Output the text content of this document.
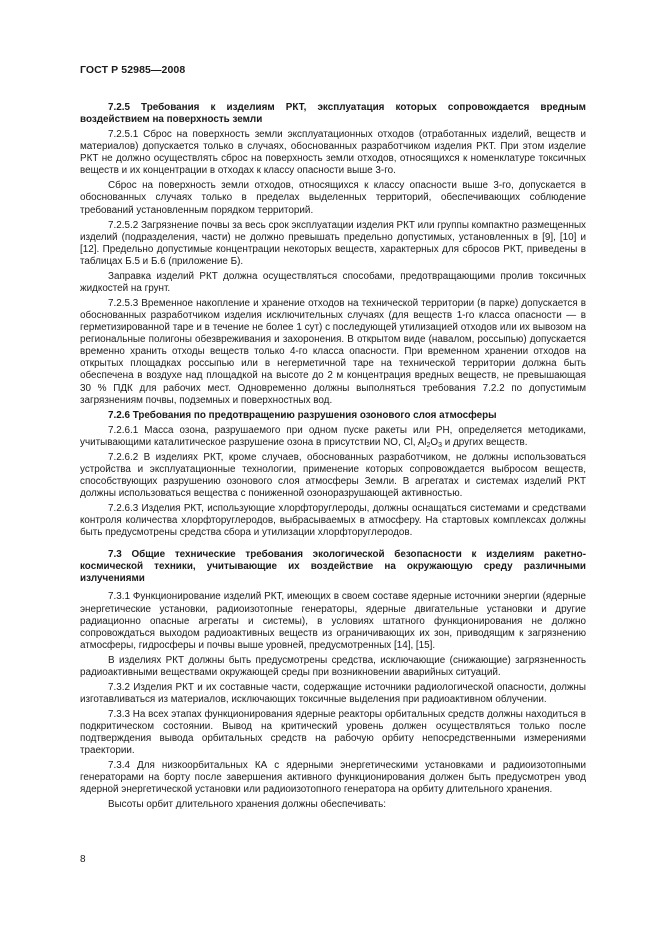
ГОСТ Р 52985—2008

7.2.5 Требования к изделиям РКТ, эксплуатация которых сопровождается вредным воздействием на поверхность земли

7.2.5.1 Сброс на поверхность земли эксплуатационных отходов (отработанных изделий, веществ и материалов) допускается только в случаях, обоснованных разработчиком изделия РКТ. При этом изделие РКТ не должно осуществлять сброс на поверхность земли отходов, относящихся к номенклатуре токсичных веществ и их концентрации в отходах к классу опасности выше 3-го.

Сброс на поверхность земли отходов, относящихся к классу опасности выше 3-го, допускается в обоснованных случаях только в пределах выделенных территорий, обеспечивающих соблюдение требований установленным порядком территорий.

7.2.5.2 Загрязнение почвы за весь срок эксплуатации изделия РКТ или группы компактно размещенных изделий (подразделения, части) не должно превышать предельно допустимых, установленных в [9], [10] и [12]. Предельно допустимые концентрации некоторых веществ, характерных для сбросов РКТ, приведены в таблицах Б.5 и Б.6 (приложение Б).

Заправка изделий РКТ должна осуществляться способами, предотвращающими пролив токсичных жидкостей на грунт.

7.2.5.3 Временное накопление и хранение отходов на технической территории (в парке) допускается в обоснованных разработчиком изделия исключительных случаях (для веществ 1-го класса опасности — в герметизированной таре и в течение не более 1 сут) с последующей утилизацией отходов или их вывозом на региональные полигоны обезвреживания и захоронения. В открытом виде (навалом, россыпью) допускается временно хранить отходы веществ только 4-го класса опасности. При временном хранении отходов на открытых площадках россыпью или в негерметичной таре на технической территории должна быть обеспечена в воздухе над площадкой на высоте до 2 м концентрация вредных веществ, не превышающая 30 % ПДК для рабочих мест. Одновременно должны выполняться требования 7.2.2 по допустимым загрязнениям почвы, подземных и поверхностных вод.

7.2.6 Требования по предотвращению разрушения озонового слоя атмосферы

7.2.6.1 Масса озона, разрушаемого при одном пуске ракеты или РН, определяется методиками, учитывающими каталитическое разрушение озона в присутствии NO, Cl, $Al_2O_3$ и других веществ.

7.2.6.2 В изделиях РКТ, кроме случаев, обоснованных разработчиком, не должны использоваться устройства и эксплуатационные технологии, применение которых сопровождается выбросом веществ, способствующих разрушению озонового слоя атмосферы Земли. В агрегатах и системах изделий РКТ должны использоваться вещества с пониженной озоноразрушающей активностью.

7.2.6.3 Изделия РКТ, использующие хлорфторуглероды, должны оснащаться системами и средствами контроля количества хлорфторуглеродов, выбрасываемых в атмосферу. На стартовых комплексах должны быть предусмотрены средства сбора и утилизации хлорфторуглеродов.

7.3 Общие технические требования экологической безопасности к изделиям ракетно-космической техники, учитывающие их воздействие на окружающую среду различными излучениями

7.3.1 Функционирование изделий РКТ, имеющих в своем составе ядерные источники энергии (ядерные энергетические установки, радиоизотопные генераторы, ядерные двигательные установки и другие радиационно опасные агрегаты и системы), в условиях штатного функционирования не должно сопровождаться выходом радиоактивных веществ из ограничивающих их зон, приводящим к загрязнению атмосферы, гидросферы и почвы выше уровней, предусмотренных [14], [15].

В изделиях РКТ должны быть предусмотрены средства, исключающие (снижающие) загрязненность радиоактивными веществами окружающей среды при возникновении аварийных ситуаций.

7.3.2 Изделия РКТ и их составные части, содержащие источники радиологической опасности, должны изготавливаться из материалов, исключающих токсичные выделения при радиоактивном облучении.

7.3.3 На всех этапах функционирования ядерные реакторы орбитальных средств должны находиться в подкритическом состоянии. Вывод на критический уровень должен осуществляться только после подтверждения вывода орбитальных средств на рабочую орбиту непосредственными измерениями траектории.

7.3.4 Для низкоорбитальных КА с ядерными энергетическими установками и радиоизотопными генераторами на борту после завершения активного функционирования должен быть предусмотрен увод ядерной энергетической установки или радиоизотопного генератора на орбиту длительного хранения.

Высоты орбит длительного хранения должны обеспечивать:

8
